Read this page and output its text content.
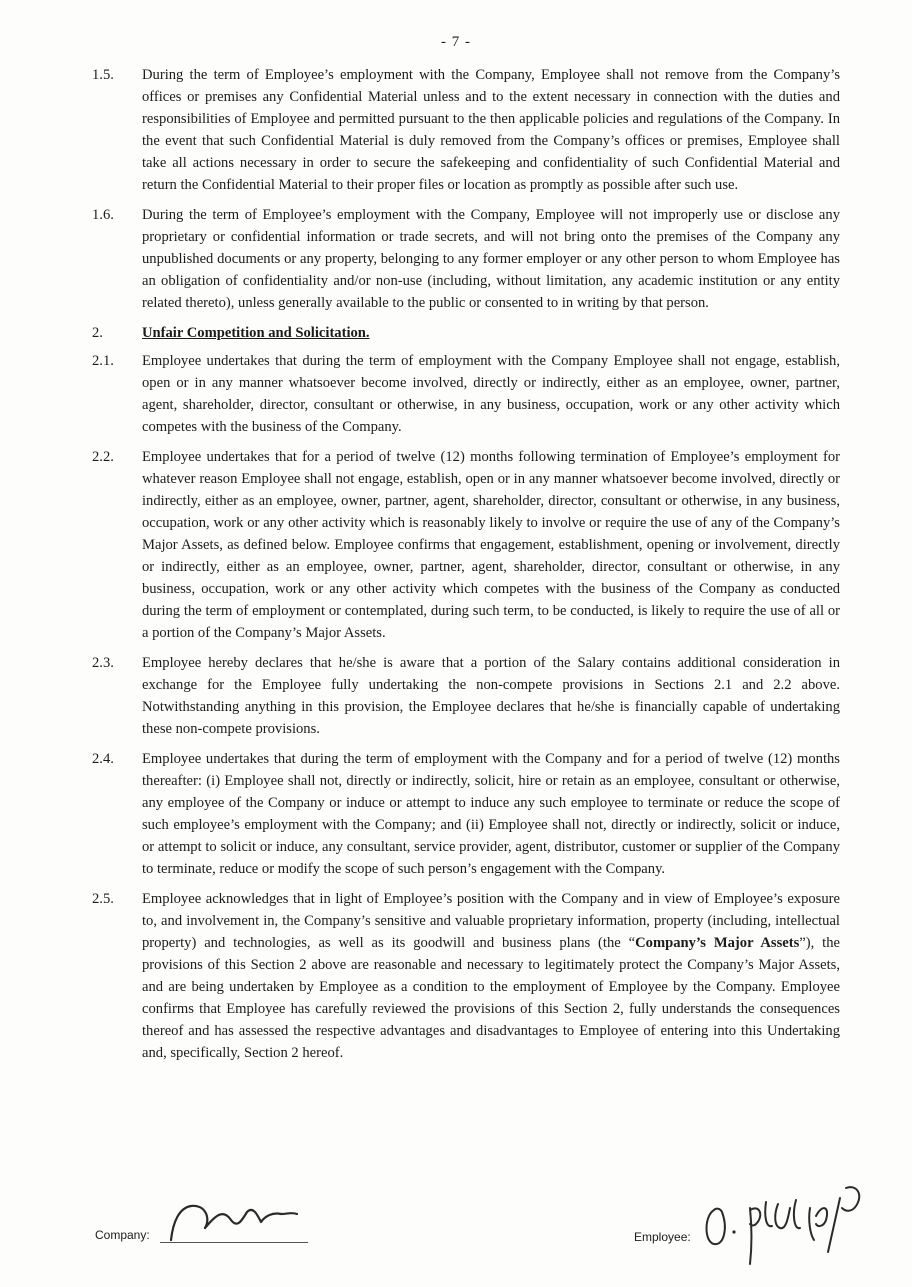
- 7 -
1.5.	During the term of Employee’s employment with the Company, Employee shall not remove from the Company’s offices or premises any Confidential Material unless and to the extent necessary in connection with the duties and responsibilities of Employee and permitted pursuant to the then applicable policies and regulations of the Company. In the event that such Confidential Material is duly removed from the Company’s offices or premises, Employee shall take all actions necessary in order to secure the safekeeping and confidentiality of such Confidential Material and return the Confidential Material to their proper files or location as promptly as possible after such use.
1.6.	During the term of Employee’s employment with the Company, Employee will not improperly use or disclose any proprietary or confidential information or trade secrets, and will not bring onto the premises of the Company any unpublished documents or any property, belonging to any former employer or any other person to whom Employee has an obligation of confidentiality and/or non-use (including, without limitation, any academic institution or any entity related thereto), unless generally available to the public or consented to in writing by that person.
2.	Unfair Competition and Solicitation.
2.1.	Employee undertakes that during the term of employment with the Company Employee shall not engage, establish, open or in any manner whatsoever become involved, directly or indirectly, either as an employee, owner, partner, agent, shareholder, director, consultant or otherwise, in any business, occupation, work or any other activity which competes with the business of the Company.
2.2.	Employee undertakes that for a period of twelve (12) months following termination of Employee’s employment for whatever reason Employee shall not engage, establish, open or in any manner whatsoever become involved, directly or indirectly, either as an employee, owner, partner, agent, shareholder, director, consultant or otherwise, in any business, occupation, work or any other activity which is reasonably likely to involve or require the use of any of the Company’s Major Assets, as defined below. Employee confirms that engagement, establishment, opening or involvement, directly or indirectly, either as an employee, owner, partner, agent, shareholder, director, consultant or otherwise, in any business, occupation, work or any other activity which competes with the business of the Company as conducted during the term of employment or contemplated, during such term, to be conducted, is likely to require the use of all or a portion of the Company’s Major Assets.
2.3.	Employee hereby declares that he/she is aware that a portion of the Salary contains additional consideration in exchange for the Employee fully undertaking the non-compete provisions in Sections 2.1 and 2.2 above. Notwithstanding anything in this provision, the Employee declares that he/she is financially capable of undertaking these non-compete provisions.
2.4.	Employee undertakes that during the term of employment with the Company and for a period of twelve (12) months thereafter: (i) Employee shall not, directly or indirectly, solicit, hire or retain as an employee, consultant or otherwise, any employee of the Company or induce or attempt to induce any such employee to terminate or reduce the scope of such employee’s employment with the Company; and (ii) Employee shall not, directly or indirectly, solicit or induce, or attempt to solicit or induce, any consultant, service provider, agent, distributor, customer or supplier of the Company to terminate, reduce or modify the scope of such person’s engagement with the Company.
2.5.	Employee acknowledges that in light of Employee’s position with the Company and in view of Employee’s exposure to, and involvement in, the Company’s sensitive and valuable proprietary information, property (including, intellectual property) and technologies, as well as its goodwill and business plans (the “Company’s Major Assets”), the provisions of this Section 2 above are reasonable and necessary to legitimately protect the Company’s Major Assets, and are being undertaken by Employee as a condition to the employment of Employee by the Company. Employee confirms that Employee has carefully reviewed the provisions of this Section 2, fully understands the consequences thereof and has assessed the respective advantages and disadvantages to Employee of entering into this Undertaking and, specifically, Section 2 hereof.
Company:	Employee:
